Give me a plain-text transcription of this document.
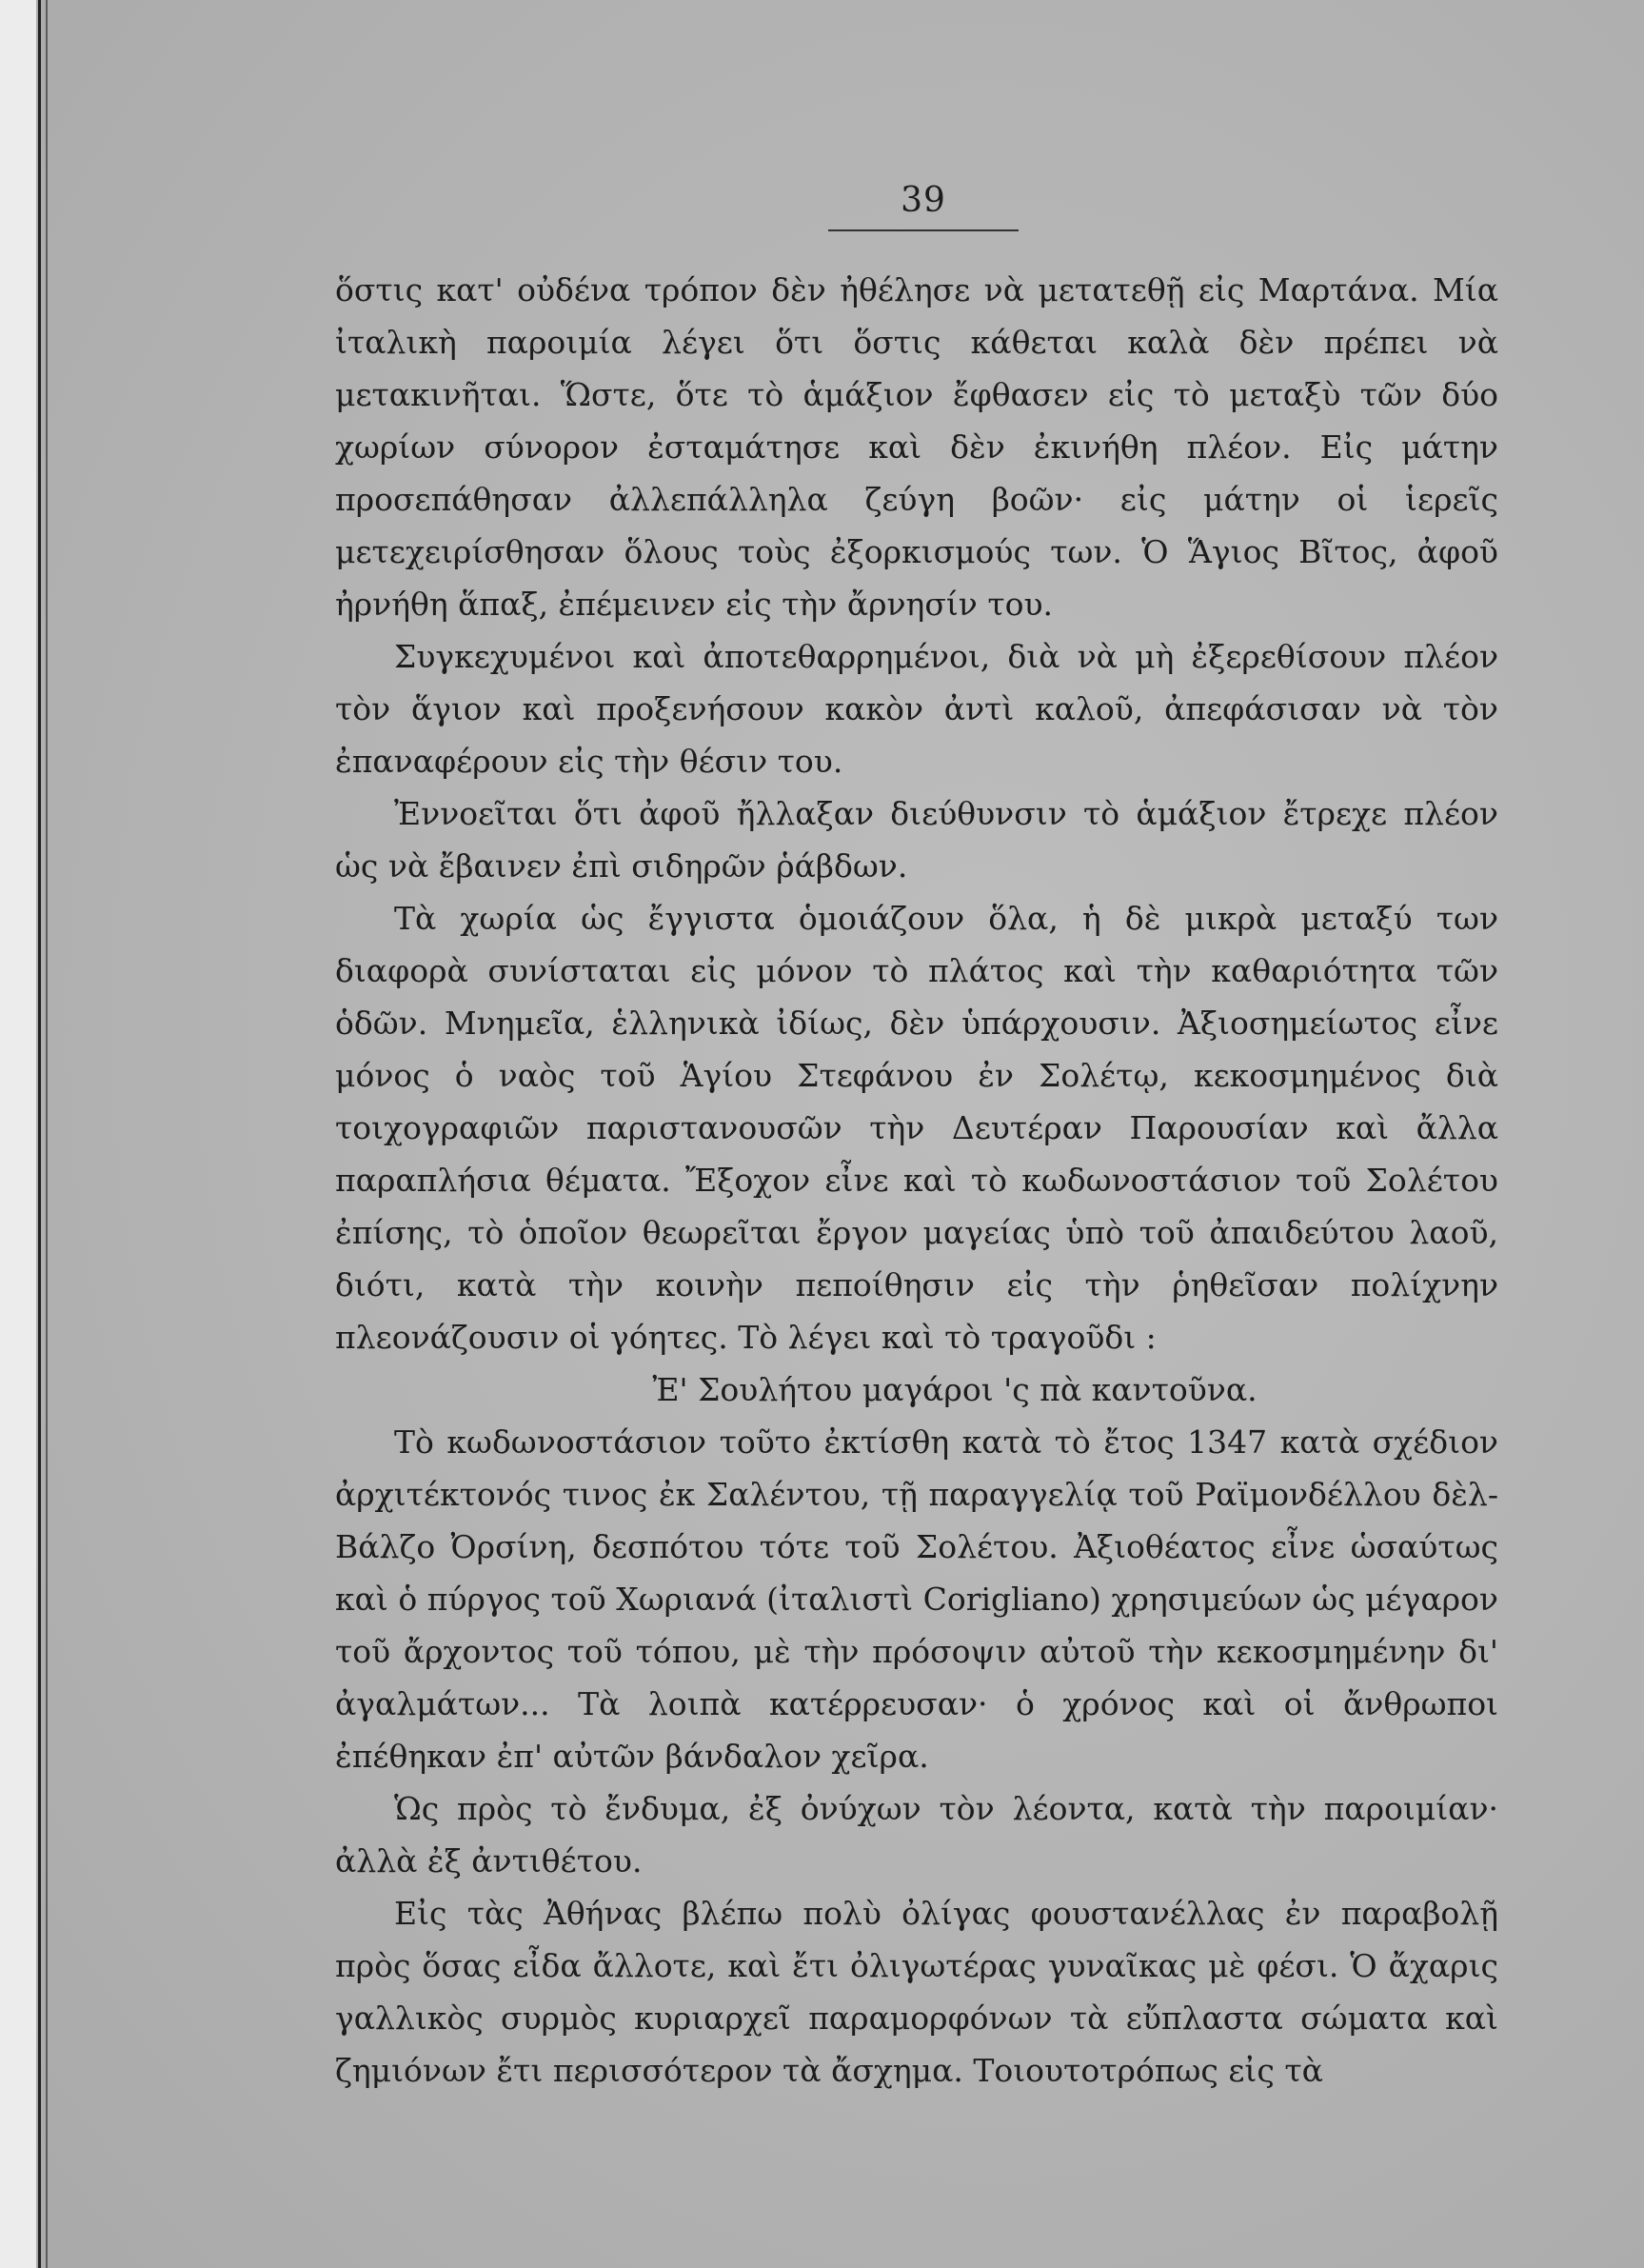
39

ὅστις κατ' οὐδένα τρόπον δὲν ἠθέλησε νὰ μετατεθῇ εἰς Μαρτάνα. Μία ἰταλικὴ παροιμία λέγει ὅτι ὅστις κάθεται καλὰ δὲν πρέπει νὰ μετακινῆται. Ὥστε, ὅτε τὸ ἁμάξιον ἔφθασεν εἰς τὸ μεταξὺ τῶν δύο χωρίων σύνορον ἐσταμάτησε καὶ δὲν ἐκινήθη πλέον. Εἰς μάτην προσεπάθησαν ἀλλεπάλληλα ζεύγη βοῶν· εἰς μάτην οἱ ἱερεῖς μετεχειρίσθησαν ὅλους τοὺς ἐξορκισμούς των. Ὁ Ἅγιος Βῖτος, ἀφοῦ ἠρνήθη ἅπαξ, ἐπέμεινεν εἰς τὴν ἄρνησίν του.

Συγκεχυμένοι καὶ ἀποτεθαρρημένοι, διὰ νὰ μὴ ἐξερεθίσουν πλέον τὸν ἅγιον καὶ προξενήσουν κακὸν ἀντὶ καλοῦ, ἀπεφάσισαν νὰ τὸν ἐπαναφέρουν εἰς τὴν θέσιν του.

Ἐννοεῖται ὅτι ἀφοῦ ἤλλαξαν διεύθυνσιν τὸ ἁμάξιον ἔτρεχε πλέον ὡς νὰ ἔβαινεν ἐπὶ σιδηρῶν ῥάβδων.

Τὰ χωρία ὡς ἔγγιστα ὁμοιάζουν ὅλα, ἡ δὲ μικρὰ μεταξύ των διαφορὰ συνίσταται εἰς μόνον τὸ πλάτος καὶ τὴν καθαριότητα τῶν ὁδῶν. Μνημεῖα, ἑλληνικὰ ἰδίως, δὲν ὑπάρχουσιν. Ἀξιοσημείωτος εἶνε μόνος ὁ ναὸς τοῦ Ἁγίου Στεφάνου ἐν Σολέτῳ, κεκοσμημένος διὰ τοιχογραφιῶν παριστανουσῶν τὴν Δευτέραν Παρουσίαν καὶ ἄλλα παραπλήσια θέματα. Ἔξοχον εἶνε καὶ τὸ κωδωνοστάσιον τοῦ Σολέτου ἐπίσης, τὸ ὁποῖον θεωρεῖται ἔργον μαγείας ὑπὸ τοῦ ἀπαιδεύτου λαοῦ, διότι, κατὰ τὴν κοινὴν πεποίθησιν εἰς τὴν ῥηθεῖσαν πολίχνην πλεονάζουσιν οἱ γόητες. Τὸ λέγει καὶ τὸ τραγοῦδι :

Ἐ' Σουλήτου μαγάροι 'ς πὰ καντοῦνα.

Τὸ κωδωνοστάσιον τοῦτο ἐκτίσθη κατὰ τὸ ἔτος 1347 κατὰ σχέδιον ἀρχιτέκτονός τινος ἐκ Σαλέντου, τῇ παραγγελίᾳ τοῦ Ραϊμονδέλλου δὲλ-Βάλζο Ὀρσίνη, δεσπότου τότε τοῦ Σολέτου. Ἀξιοθέατος εἶνε ὡσαύτως καὶ ὁ πύργος τοῦ Χωριανά (ἰταλιστὶ Corigliano) χρησιμεύων ὡς μέγαρον τοῦ ἄρχοντος τοῦ τόπου, μὲ τὴν πρόσοψιν αὐτοῦ τὴν κεκοσμημένην δι' ἀγαλμάτων... Τὰ λοιπὰ κατέρρευσαν· ὁ χρόνος καὶ οἱ ἄνθρωποι ἐπέθηκαν ἐπ' αὐτῶν βάνδαλον χεῖρα.

Ὡς πρὸς τὸ ἔνδυμα, ἐξ ὀνύχων τὸν λέοντα, κατὰ τὴν παροιμίαν· ἀλλὰ ἐξ ἀντιθέτου.

Εἰς τὰς Ἀθήνας βλέπω πολὺ ὀλίγας φουστανέλλας ἐν παραβολῇ πρὸς ὅσας εἶδα ἄλλοτε, καὶ ἔτι ὀλιγωτέρας γυναῖκας μὲ φέσι. Ὁ ἄχαρις γαλλικὸς συρμὸς κυριαρχεῖ παραμορφόνων τὰ εὔπλαστα σώματα καὶ ζημιόνων ἔτι περισσότερον τὰ ἄσχημα. Τοιουτοτρόπως εἰς τὰ
